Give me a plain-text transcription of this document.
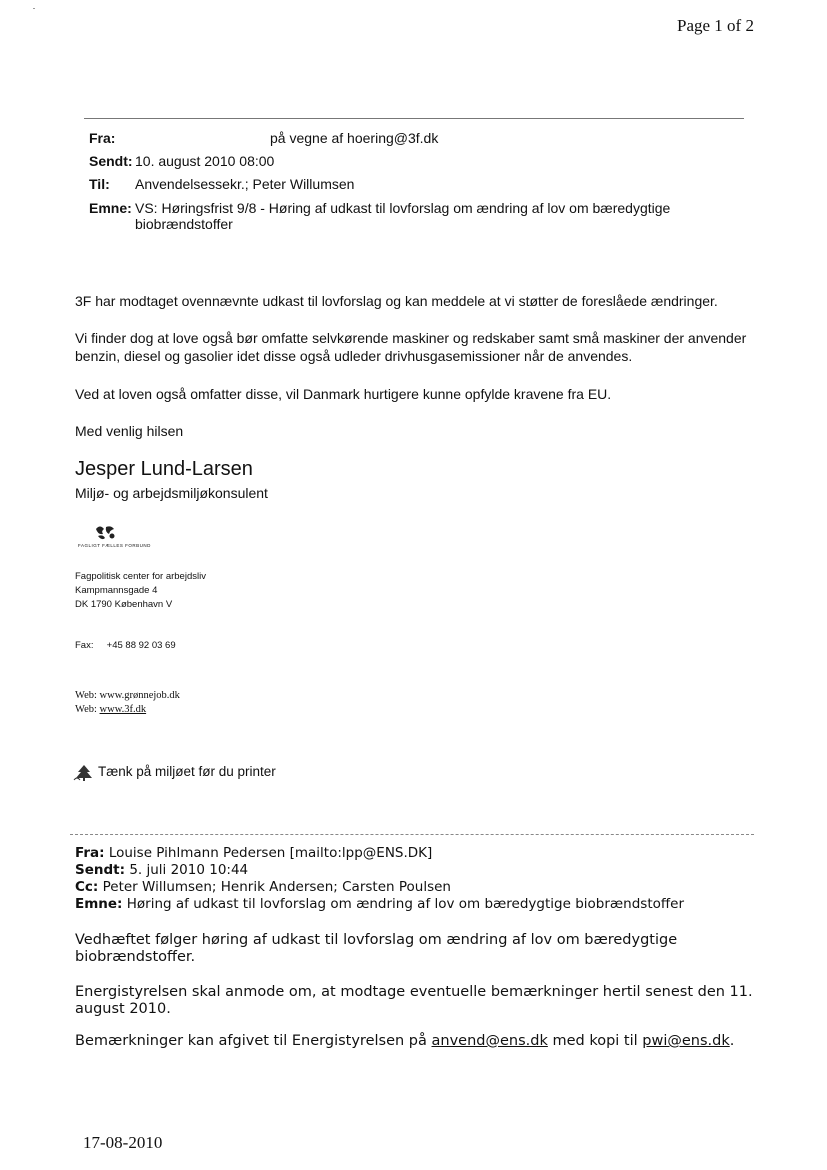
Page 1 of 2
Fra:	på vegne af hoering@3f.dk
Sendt: 10. august 2010 08:00
Til: Anvendelsessekr.; Peter Willumsen
Emne: VS: Høringsfrist 9/8 - Høring af udkast til lovforslag om ændring af lov om bæredygtige
biobrændstoffer
3F har modtaget ovennævnte udkast til lovforslag og kan meddele at vi støtter de foreslåede ændringer.
Vi finder dog at love også bør omfatte selvkørende maskiner og redskaber samt små maskiner der anvender
benzin, diesel og gasolier idet disse også udleder drivhusgasemissioner når de anvendes.
Ved at loven også omfatter disse, vil Danmark hurtigere kunne opfylde kravene fra EU.
Med venlig hilsen
Jesper Lund-Larsen
Miljø- og arbejdsmiljøkonsulent
FAGLIGT FÆLLES FORBUND
Fagpolitisk center for arbejdsliv
Kampmannsgade 4
DK 1790 København V
Fax:     +45 88 92 03 69
Web: www.grønnejob.dk
Web: www.3f.dk
Tænk på miljøet før du printer
Fra: Louise Pihlmann Pedersen [mailto:lpp@ENS.DK]
Sendt: 5. juli 2010 10:44
Cc: Peter Willumsen; Henrik Andersen; Carsten Poulsen
Emne: Høring af udkast til lovforslag om ændring af lov om bæredygtige biobrændstoffer
Vedhæftet følger høring af udkast til lovforslag om ændring af lov om bæredygtige
biobrændstoffer.
Energistyrelsen skal anmode om, at modtage eventuelle bemærkninger hertil senest den 11.
august 2010.
Bemærkninger kan afgivet til Energistyrelsen på anvend@ens.dk med kopi til pwi@ens.dk.
17-08-2010
